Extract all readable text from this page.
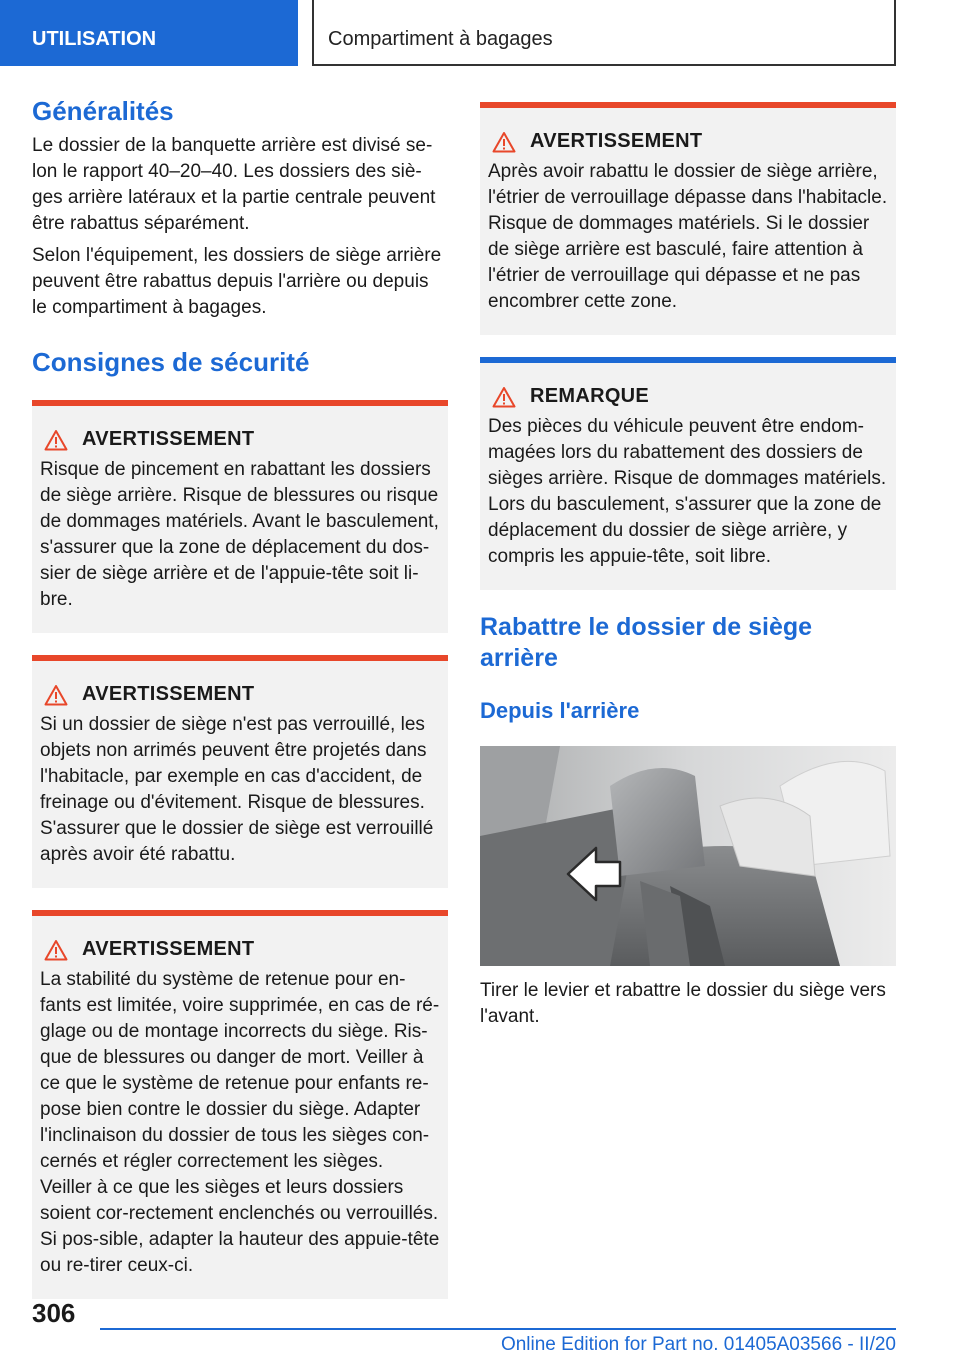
UTILISATION	Compartiment à bagages
Généralités

Le dossier de la banquette arrière est divisé se-lon le rapport 40–20–40. Les dossiers des siè-ges arrière latéraux et la partie centrale peuvent être rabattus séparément.

Selon l'équipement, les dossiers de siège arrière peuvent être rabattus depuis l'arrière ou depuis le compartiment à bagages.

Consignes de sécurité
AVERTISSEMENT

Risque de pincement en rabattant les dossiers de siège arrière. Risque de blessures ou risque de dommages matériels. Avant le basculement, s'assurer que la zone de déplacement du dos-sier de siège arrière et de l'appuie-tête soit li-bre.

AVERTISSEMENT

Si un dossier de siège n'est pas verrouillé, les objets non arrimés peuvent être projetés dans l'habitacle, par exemple en cas d'accident, de freinage ou d'évitement. Risque de blessures. S'assurer que le dossier de siège est verrouillé après avoir été rabattu.

AVERTISSEMENT

La stabilité du système de retenue pour en-fants est limitée, voire supprimée, en cas de ré-glage ou de montage incorrects du siège. Ris-que de blessures ou danger de mort. Veiller à ce que le système de retenue pour enfants re-pose bien contre le dossier du siège. Adapter l'inclinaison du dossier de tous les sièges con-cernés et régler correctement les sièges. Veiller à ce que les sièges et leurs dossiers soient cor-rectement enclenchés ou verrouillés. Si pos-sible, adapter la hauteur des appuie-tête ou re-tirer ceux-ci.

AVERTISSEMENT

Après avoir rabattu le dossier de siège arrière, l'étrier de verrouillage dépasse dans l'habitacle. Risque de dommages matériels. Si le dossier de siège arrière est basculé, faire attention à l'étrier de verrouillage qui dépasse et ne pas encombrer cette zone.

REMARQUE

Des pièces du véhicule peuvent être endom-magées lors du rabattement des dossiers de sièges arrière. Risque de dommages matériels. Lors du basculement, s'assurer que la zone de déplacement du dossier de siège arrière, y compris les appuie-tête, soit libre.

Rabattre le dossier de siège arrière
Depuis l'arrière

Tirer le levier et rabattre le dossier du siège vers l'avant.

306
Online Edition for Part no. 01405A03566 - II/20
